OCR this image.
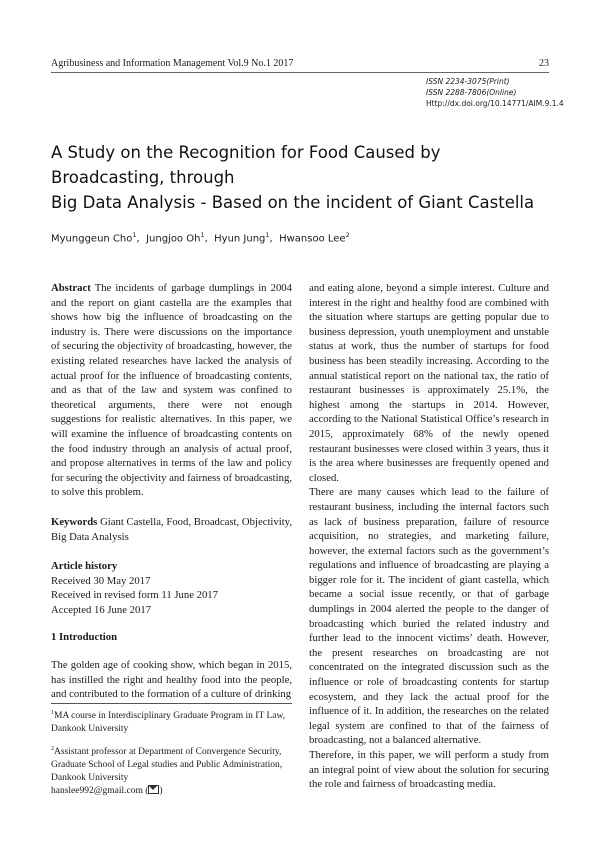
Agribusiness and Information Management Vol.9 No.1 2017	23
ISSN 2234-3075(Print)
ISSN 2288-7806(Online)
Http://dx.doi.org/10.14771/AIM.9.1.4
A Study on the Recognition for Food Caused by Broadcasting, through
Big Data Analysis - Based on the incident of Giant Castella
Myunggeun Cho$^1$,  Jungjoo Oh$^1$,  Hyun Jung$^1$,  Hwansoo Lee$^2$

Abstract The incidents of garbage dumplings in 2004 and the report on giant castella are the examples that shows how big the influence of broadcasting on the industry is. There were discussions on the importance of securing the objectivity of broadcasting, however, the existing related researches have lacked the analysis of actual proof for the influence of broadcasting contents, and as that of the law and system was confined to theoretical arguments, there were not enough suggestions for realistic alternatives. In this paper, we will examine the influence of broadcasting contents on the food industry through an analysis of actual proof, and propose alternatives in terms of the law and policy for securing the objectivity and fairness of broadcasting, to solve this problem.

Keywords Giant Castella, Food, Broadcast, Objectivity, Big Data Analysis

Article history
Received 30 May 2017
Received in revised form 11 June 2017
Accepted 16 June 2017

1 Introduction

The golden age of cooking show, which began in 2015, has instilled the right and healthy food into the people, and contributed to the formation of a culture of drinking

$^1$MA course in Interdisciplinary Graduate Program in IT Law, Dankook University

$^2$Assistant professor at Department of Convergence Security, Graduate School of Legal studies and Public Administration, Dankook University
hanslee992@gmail.com ( )

and eating alone, beyond a simple interest. Culture and interest in the right and healthy food are combined with the situation where startups are getting popular due to business depression, youth unemployment and unstable status at work, thus the number of startups for food business has been steadily increasing. According to the annual statistical report on the national tax, the ratio of restaurant businesses is approximately 25.1%, the highest among the startups in 2014. However, according to the National Statistical Office’s research in 2015, approximately 68% of the newly opened restaurant businesses were closed within 3 years, thus it is the area where businesses are frequently opened and closed.

There are many causes which lead to the failure of restaurant business, including the internal factors such as lack of business preparation, failure of resource acquisition, no strategies, and marketing failure, however, the external factors such as the government’s regulations and influence of broadcasting are playing a bigger role for it. The incident of giant castella, which became a social issue recently, or that of garbage dumplings in 2004 alerted the people to the danger of broadcasting which buried the related industry and further lead to the innocent victims’ death. However, the present researches on broadcasting are not concentrated on the integrated discussion such as the influence or role of broadcasting contents for startup ecosystem, and they lack the actual proof for the influence of it. In addition, the researches on the related legal system are confined to that of the fairness of broadcasting, not a balanced alternative.

Therefore, in this paper, we will perform a study from an integral point of view about the solution for securing the role and fairness of broadcasting media.
